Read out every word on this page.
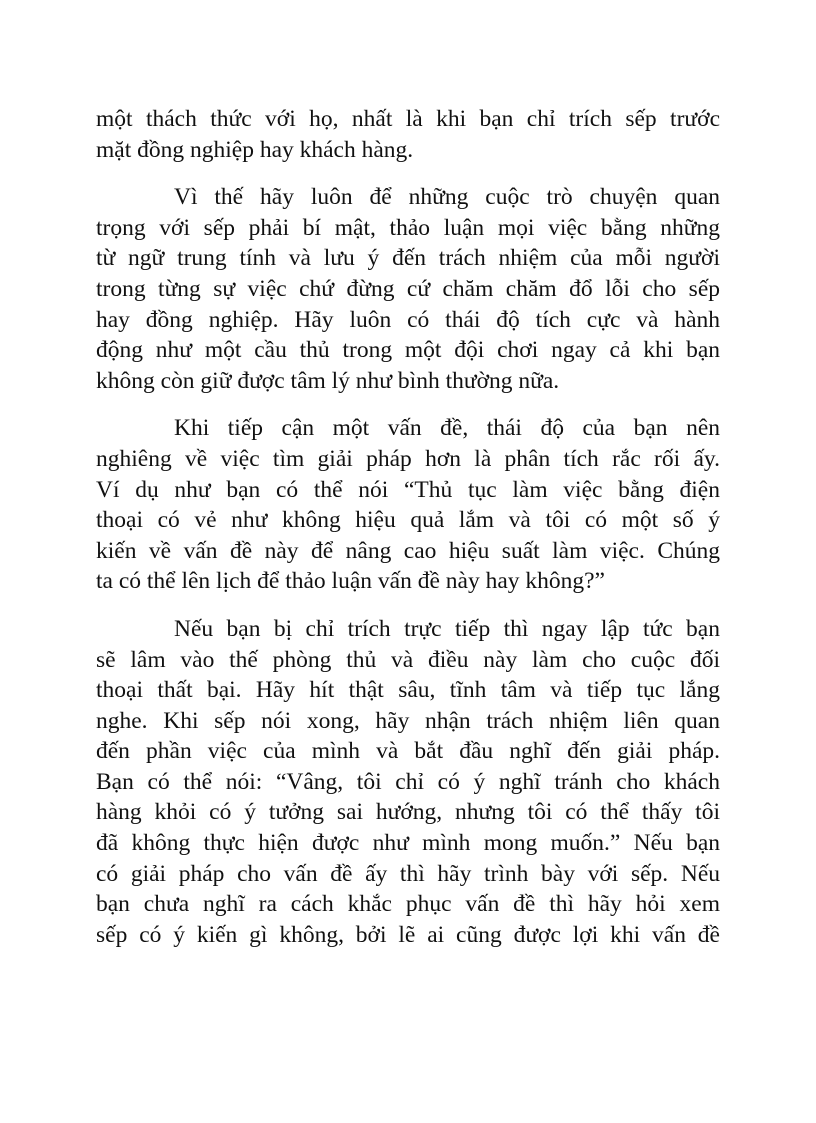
một thách thức với họ, nhất là khi bạn chỉ trích sếp trước
mặt đồng nghiệp hay khách hàng.
Vì thế hãy luôn để những cuộc trò chuyện quan
trọng với sếp phải bí mật, thảo luận mọi việc bằng những
từ ngữ trung tính và lưu ý đến trách nhiệm của mỗi người
trong từng sự việc chứ đừng cứ chăm chăm đổ lỗi cho sếp
hay đồng nghiệp. Hãy luôn có thái độ tích cực và hành
động như một cầu thủ trong một đội chơi ngay cả khi bạn
không còn giữ được tâm lý như bình thường nữa.
Khi tiếp cận một vấn đề, thái độ của bạn nên
nghiêng về việc tìm giải pháp hơn là phân tích rắc rối ấy.
Ví dụ như bạn có thể nói “Thủ tục làm việc bằng điện
thoại có vẻ như không hiệu quả lắm và tôi có một số ý
kiến về vấn đề này để nâng cao hiệu suất làm việc. Chúng
ta có thể lên lịch để thảo luận vấn đề này hay không?”
Nếu bạn bị chỉ trích trực tiếp thì ngay lập tức bạn
sẽ lâm vào thế phòng thủ và điều này làm cho cuộc đối
thoại thất bại. Hãy hít thật sâu, tĩnh tâm và tiếp tục lắng
nghe. Khi sếp nói xong, hãy nhận trách nhiệm liên quan
đến phần việc của mình và bắt đầu nghĩ đến giải pháp.
Bạn có thể nói: “Vâng, tôi chỉ có ý nghĩ tránh cho khách
hàng khỏi có ý tưởng sai hướng, nhưng tôi có thể thấy tôi
đã không thực hiện được như mình mong muốn.” Nếu bạn
có giải pháp cho vấn đề ấy thì hãy trình bày với sếp. Nếu
bạn chưa nghĩ ra cách khắc phục vấn đề thì hãy hỏi xem
sếp có ý kiến gì không, bởi lẽ ai cũng được lợi khi vấn đề
